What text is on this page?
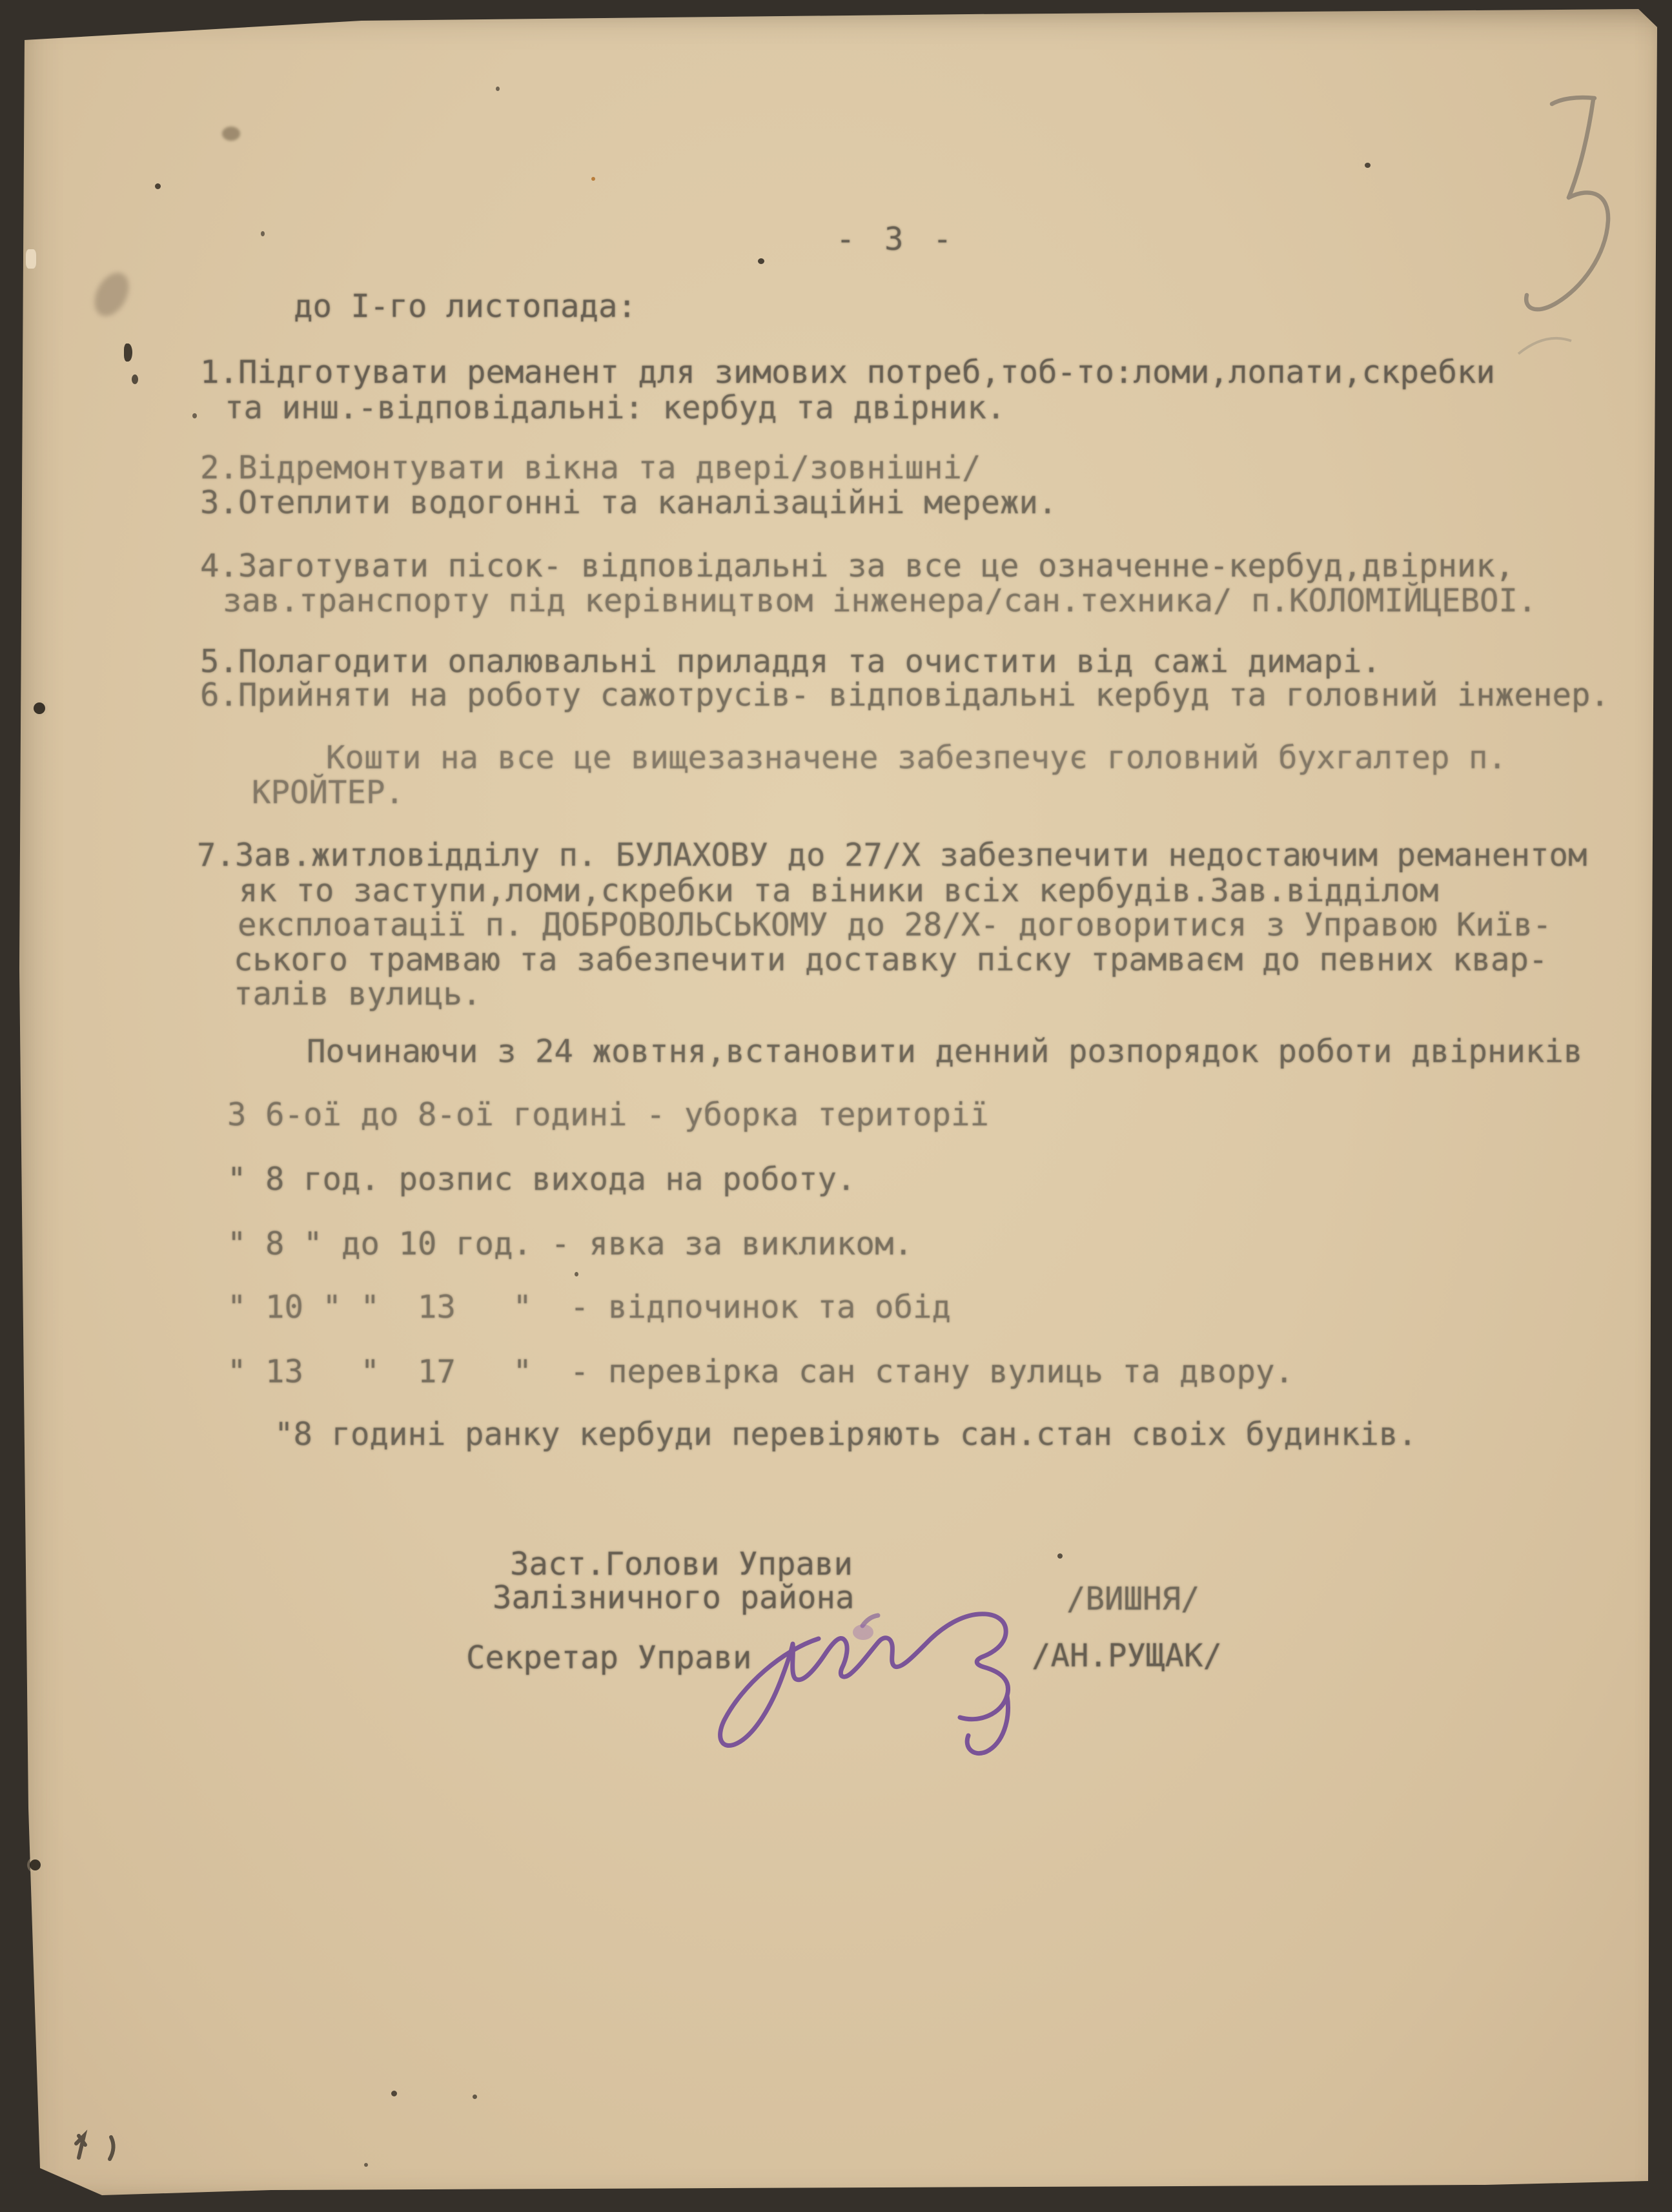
- 3 -
до І-го листопада:
1.Підготувати реманент для зимових потреб,тоб-то:ломи,лопати,скребки
та инш.-відповідальні: кербуд та двірник.
2.Відремонтувати вікна та двері/зовнішні/
3.Отеплити водогонні та каналізаційні мережи.
4.Заготувати пісок- відповідальні за все це означенне-кербуд,двірник,
зав.транспорту під керівництвом інженера/сан.техника/ п.КОЛОМІЙЦЕВОІ.
5.Полагодити опалювальні приладдя та очистити від сажі димарі.
6.Прийняти на роботу сажотрусів- відповідальні кербуд та головний інженер.
Кошти на все це вищезазначене забезпечує головний бухгалтер п.
КРОЙТЕР.
7.Зав.житловідділу п. БУЛАХОВУ до 27/Х забезпечити недостаючим реманентом
як то заступи,ломи,скребки та віники всіх кербудів.Зав.відділом
експлоатації п. ДОБРОВОЛЬСЬКОМУ до 28/Х- договоритися з Управою Київ-
ського трамваю та забезпечити доставку піску трамваєм до певних квар-
талів вулиць.
Починаючи з 24 жовтня,встановити денний розпорядок роботи двірників
З 6-ої до 8-ої годині - уборка території
" 8 год. розпис вихода на роботу.
" 8 " до 10 год. - явка за викликом.
" 10 " "  13   "  - відпочинок та обід
" 13   "  17   "  - перевірка сан стану вулиць та двору.
"8 годині ранку кербуди перевіряють сан.стан своіх будинків.
Заст.Голови Управи
Залізничного района	/ВИШНЯ/
Секретар Управи	/АН.РУЩАК/
